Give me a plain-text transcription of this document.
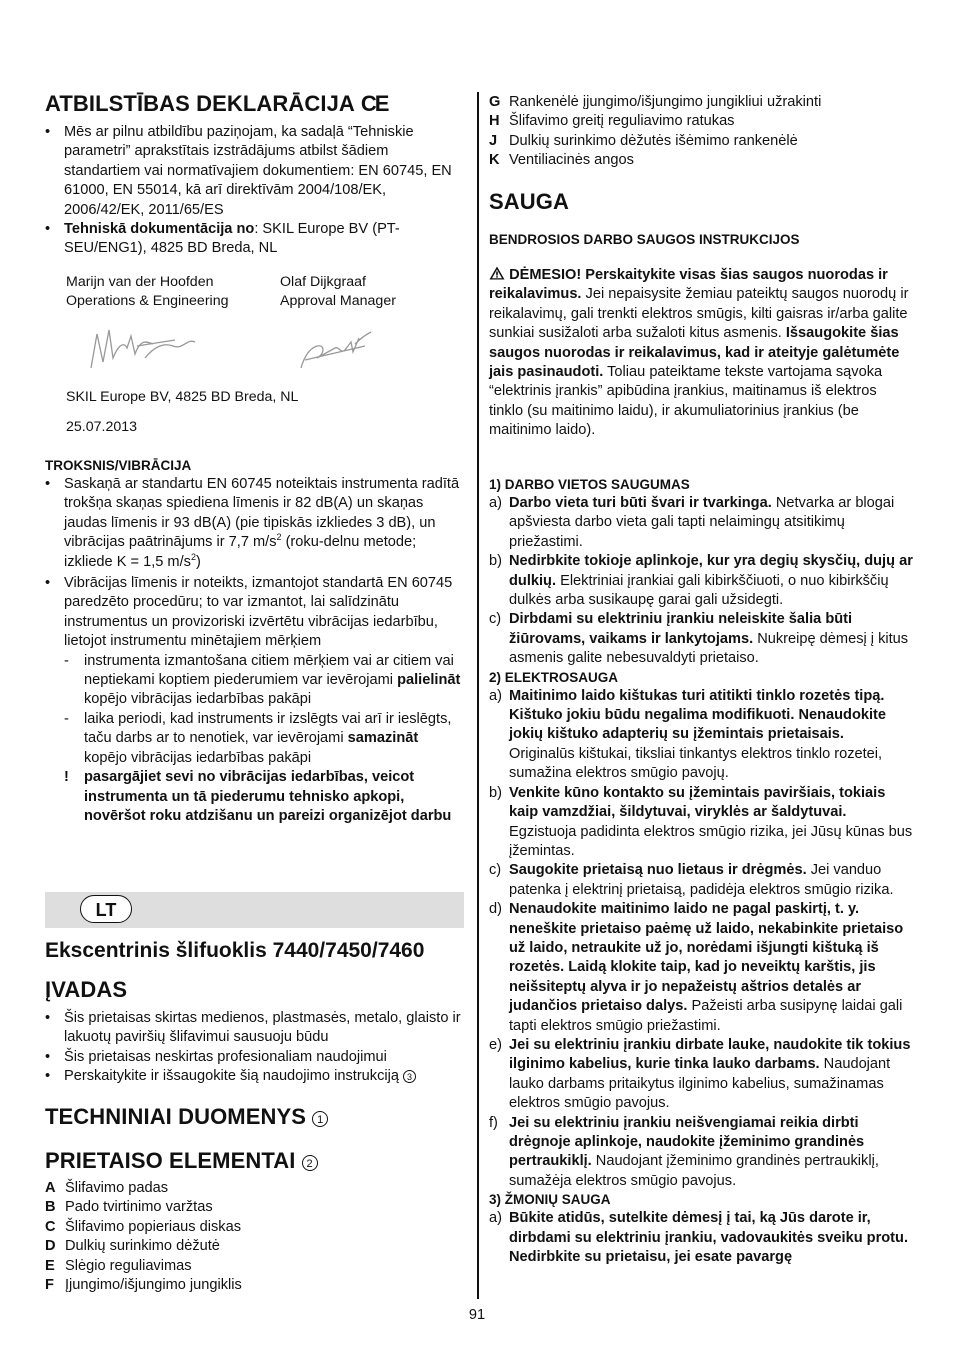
ATBILSTĪBAS DEKLARĀCIJA CE

• Mēs ar pilnu atbildību paziņojam, ka sadaļā “Tehniskie parametri” aprakstītais izstrādājums atbilst šādiem standartiem vai normatīvajiem dokumentiem: EN 60745, EN 61000, EN 55014, kā arī direktīvām 2004/108/EK, 2006/42/EK, 2011/65/ES

• Tehniskā dokumentācija no: SKIL Europe BV (PT-SEU/ENG1), 4825 BD Breda, NL

Marijn van der Hoofden

Operations & Engineering

Olaf Dijkgraaf

Approval Manager

SKIL Europe BV, 4825 BD Breda, NL

25.07.2013

TROKSNIS/VIBRĀCIJA

• Saskaņā ar standartu EN 60745 noteiktais instrumenta radītā trokšņa skaņas spiediena līmenis ir 82 dB(A) un skaņas jaudas līmenis ir 93 dB(A) (pie tipiskās izkliedes 3 dB), un vibrācijas paātrinājums ir 7,7 $m/s^2$ (roku-delnu metode; izkliede K = 1,5 $m/s^2$)

• Vibrācijas līmenis ir noteikts, izmantojot standartā EN 60745 paredzēto procedūru; to var izmantot, lai salīdzinātu instrumentus un provizoriski izvērtētu vibrācijas iedarbību, lietojot instrumentu minētajiem mērķiem

- instrumenta izmantošana citiem mērķiem vai ar citiem vai neptiekami koptiem piederumiem var ievērojami palielināt kopējo vibrācijas iedarbības pakāpi

- laika periodi, kad instruments ir izslēgts vai arī ir ieslēgts, taču darbs ar to nenotiek, var ievērojami samazināt kopējo vibrācijas iedarbības pakāpi

! pasargājiet sevi no vibrācijas iedarbības, veicot instrumenta un tā piederumu tehnisko apkopi, novēršot roku atdzišanu un pareizi organizējot darbu

LT

Ekscentrinis šlifuoklis 7440/7450/7460

ĮVADAS

• Šis prietaisas skirtas medienos, plastmasės, metalo, glaisto ir lakuotų paviršių šlifavimui sausuoju būdu

• Šis prietaisas neskirtas profesionaliam naudojimui

• Perskaitykite ir išsaugokite šią naudojimo instrukciją 3

TECHNINIAI DUOMENYS 1

PRIETAISO ELEMENTAI 2

A Šlifavimo padas

B Pado tvirtinimo varžtas

C Šlifavimo popieriaus diskas

D Dulkių surinkimo dėžutė

E Slėgio reguliavimas

F Įjungimo/išjungimo jungiklis

G Rankenėlė įjungimo/išjungimo jungikliui užrakinti

H Šlifavimo greitį reguliavimo ratukas

J Dulkių surinkimo dėžutės išėmimo rankenėlė

K Ventiliacinės angos

SAUGA

BENDROSIOS DARBO SAUGOS INSTRUKCIJOS

DĖMESIO! Perskaitykite visas šias saugos nuorodas ir reikalavimus. Jei nepaisysite žemiau pateiktų saugos nuorodų ir reikalavimų, gali trenkti elektros smūgis, kilti gaisras ir/arba galite sunkiai susižaloti arba sužaloti kitus asmenis. Išsaugokite šias saugos nuorodas ir reikalavimus, kad ir ateityje galėtumėte jais pasinaudoti. Toliau pateiktame tekste vartojama sąvoka “elektrinis įrankis” apibūdina įrankius, maitinamus iš elektros tinklo (su maitinimo laidu), ir akumuliatorinius įrankius (be maitinimo laido).

1) DARBO VIETOS SAUGUMAS

a) Darbo vieta turi būti švari ir tvarkinga. Netvarka ar blogai apšviesta darbo vieta gali tapti nelaimingų atsitikimų priežastimi.

b) Nedirbkite tokioje aplinkoje, kur yra degių skysčių, dujų ar dulkių. Elektriniai įrankiai gali kibirkščiuoti, o nuo kibirkščių dulkės arba susikaupę garai gali užsidegti.

c) Dirbdami su elektriniu įrankiu neleiskite šalia būti žiūrovams, vaikams ir lankytojams. Nukreipę dėmesį į kitus asmenis galite nebesuvaldyti prietaiso.

2) ELEKTROSAUGA

a) Maitinimo laido kištukas turi atitikti tinklo rozetės tipą. Kištuko jokiu būdu negalima modifikuoti. Nenaudokite jokių kištuko adapterių su įžemintais prietaisais. Originalūs kištukai, tiksliai tinkantys elektros tinklo rozetei, sumažina elektros smūgio pavojų.

b) Venkite kūno kontakto su įžemintais paviršiais, tokiais kaip vamzdžiai, šildytuvai, viryklės ar šaldytuvai. Egzistuoja padidinta elektros smūgio rizika, jei Jūsų kūnas bus įžemintas.

c) Saugokite prietaisą nuo lietaus ir drėgmės. Jei vanduo patenka į elektrinį prietaisą, padidėja elektros smūgio rizika.

d) Nenaudokite maitinimo laido ne pagal paskirtį, t. y. neneškite prietaiso paėmę už laido, nekabinkite prietaiso už laido, netraukite už jo, norėdami išjungti kištuką iš rozetės. Laidą klokite taip, kad jo neveiktų karštis, jis neišsiteptų alyva ir jo nepažeistų aštrios detalės ar judančios prietaiso dalys. Pažeisti arba susipynę laidai gali tapti elektros smūgio priežastimi.

e) Jei su elektriniu įrankiu dirbate lauke, naudokite tik tokius ilginimo kabelius, kurie tinka lauko darbams. Naudojant lauko darbams pritaikytus ilginimo kabelius, sumažinamas elektros smūgio pavojus.

f) Jei su elektriniu įrankiu neišvengiamai reikia dirbti drėgnoje aplinkoje, naudokite įžeminimo grandinės pertraukiklį. Naudojant įžeminimo grandinės pertraukiklį, sumažėja elektros smūgio pavojus.

3) ŽMONIŲ SAUGA

a) Būkite atidūs, sutelkite dėmesį į tai, ką Jūs darote ir, dirbdami su elektriniu įrankiu, vadovaukitės sveiku protu. Nedirbkite su prietaisu, jei esate pavargę

91
